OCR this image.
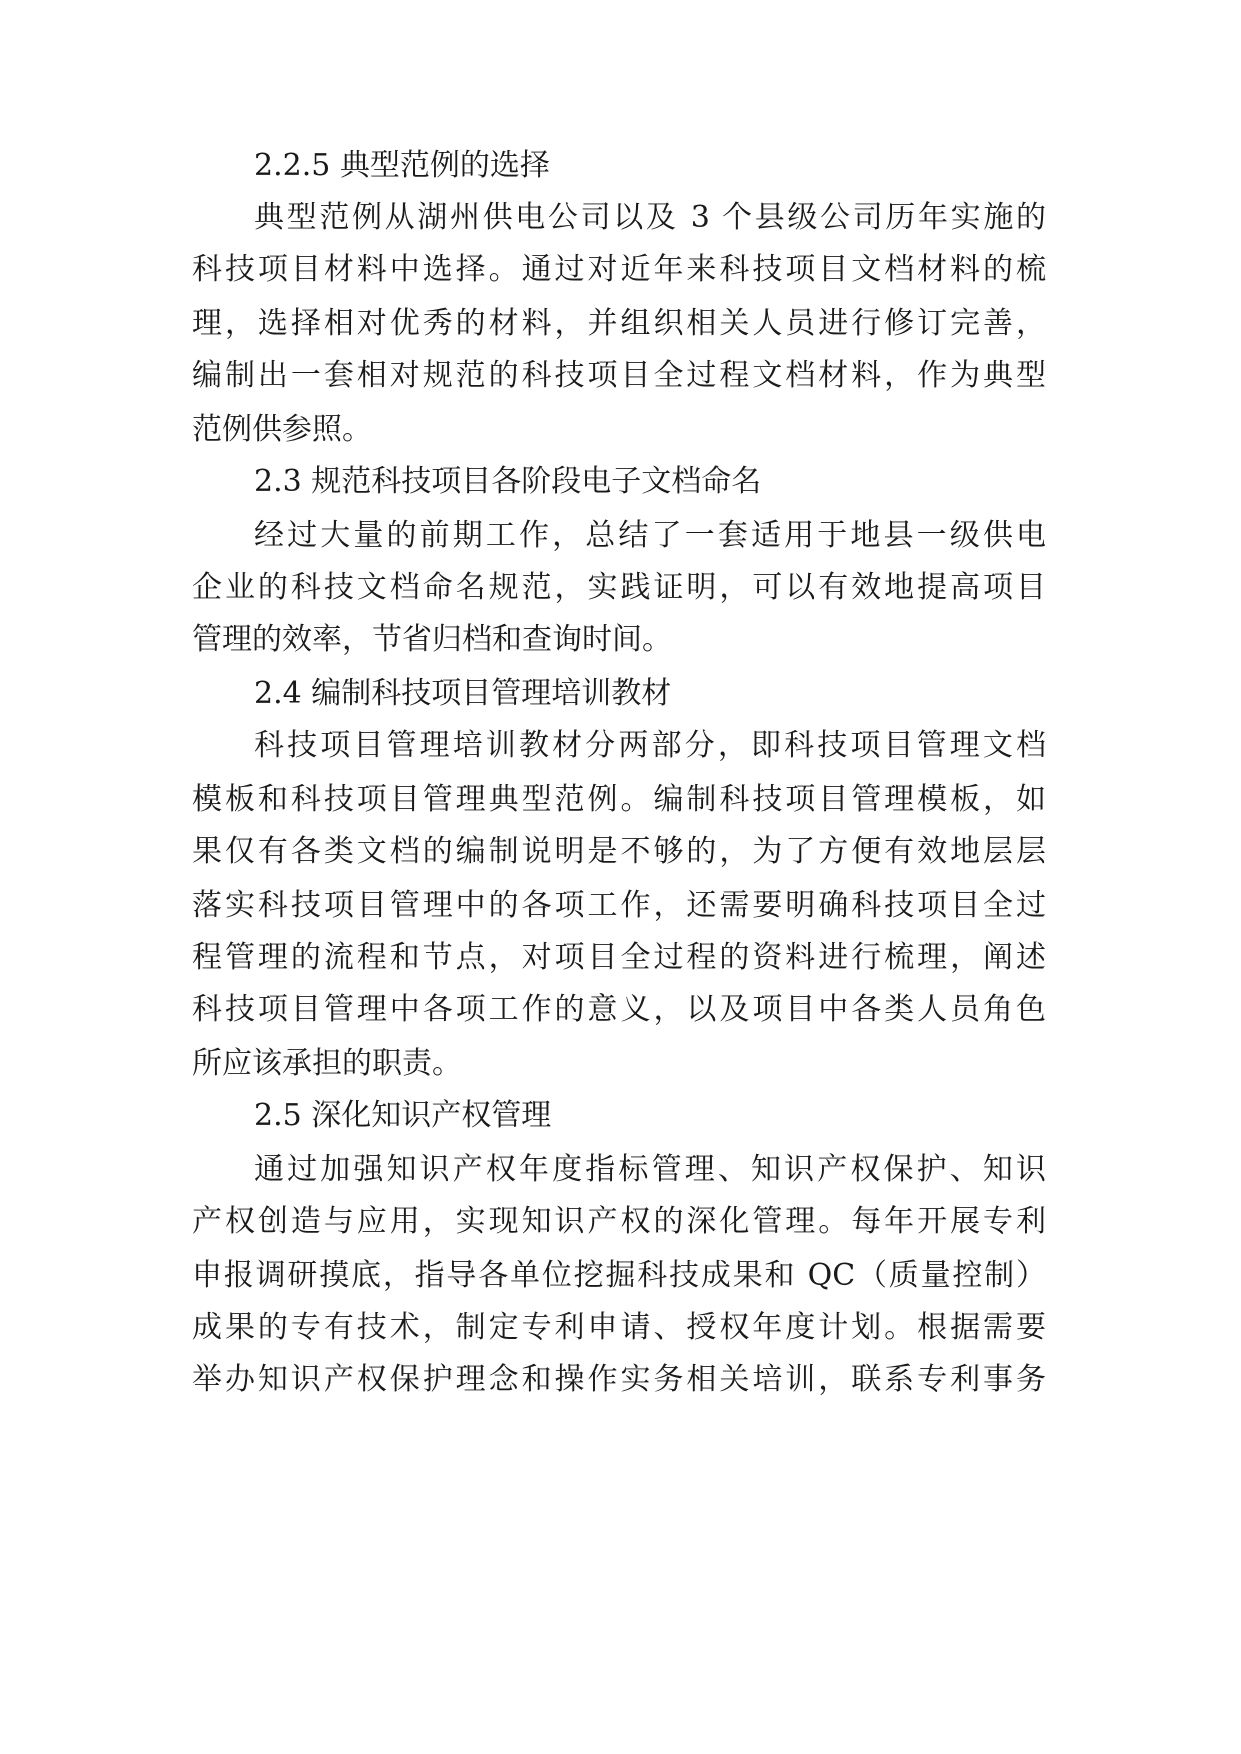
2.2.5 典型范例的选择
典型范例从湖州供电公司以及 3 个县级公司历年实施的
科技项目材料中选择。通过对近年来科技项目文档材料的梳
理，选择相对优秀的材料，并组织相关人员进行修订完善，
编制出一套相对规范的科技项目全过程文档材料，作为典型
范例供参照。
2.3 规范科技项目各阶段电子文档命名
经过大量的前期工作，总结了一套适用于地县一级供电
企业的科技文档命名规范，实践证明，可以有效地提高项目
管理的效率，节省归档和查询时间。
2.4 编制科技项目管理培训教材
科技项目管理培训教材分两部分，即科技项目管理文档
模板和科技项目管理典型范例。编制科技项目管理模板，如
果仅有各类文档的编制说明是不够的，为了方便有效地层层
落实科技项目管理中的各项工作，还需要明确科技项目全过
程管理的流程和节点，对项目全过程的资料进行梳理，阐述
科技项目管理中各项工作的意义，以及项目中各类人员角色
所应该承担的职责。
2.5 深化知识产权管理
通过加强知识产权年度指标管理、知识产权保护、知识
产权创造与应用，实现知识产权的深化管理。每年开展专利
申报调研摸底，指导各单位挖掘科技成果和 QC（质量控制）
成果的专有技术，制定专利申请、授权年度计划。根据需要
举办知识产权保护理念和操作实务相关培训，联系专利事务
